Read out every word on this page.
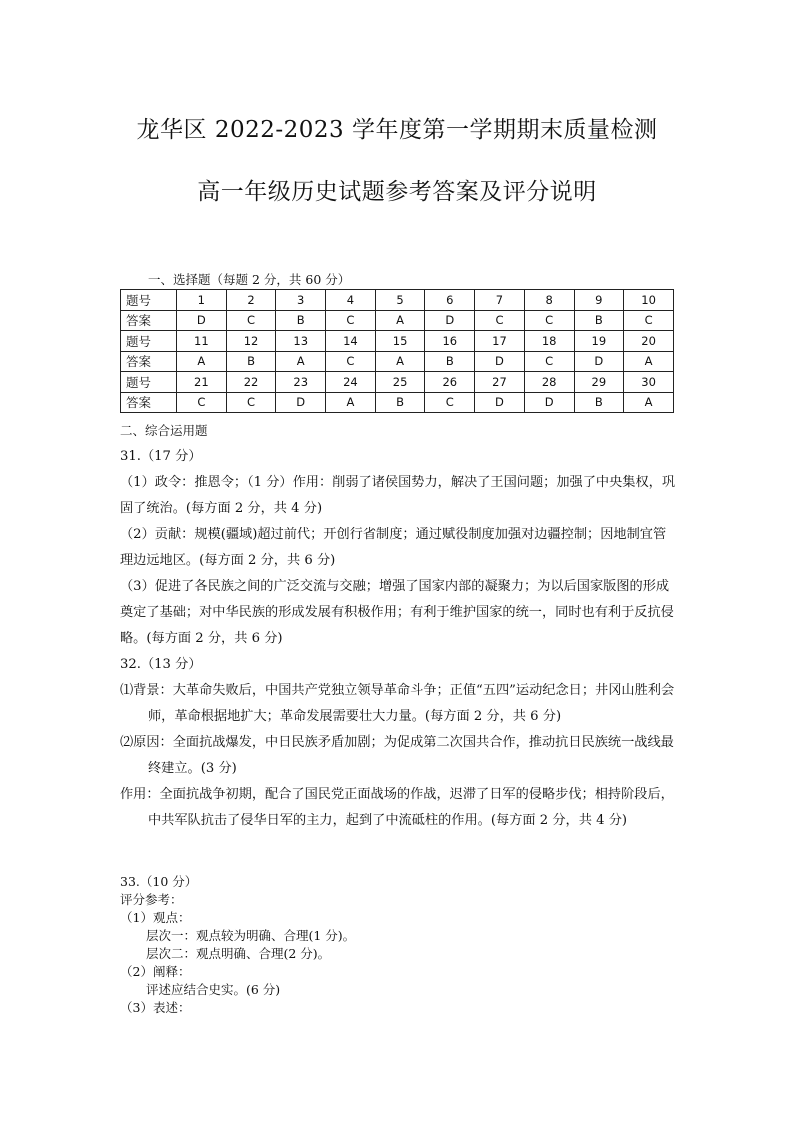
龙华区 2022-2023 学年度第一学期期末质量检测
高一年级历史试题参考答案及评分说明
一、选择题（每题 2 分，共 60 分）
题号	1	2	3	4	5	6	7	8	9	10
答案	D	C	B	C	A	D	C	C	B	C
题号	11	12	13	14	15	16	17	18	19	20
答案	A	B	A	C	A	B	D	C	D	A
题号	21	22	23	24	25	26	27	28	29	30
答案	C	C	D	A	B	C	D	D	B	A
二、综合运用题

31.（17 分）

（1）政令：推恩令；（1 分）作用：削弱了诸侯国势力，解决了王国问题；加强了中央集权，巩固了统治。(每方面 2 分，共 4 分)

（2）贡献：规模(疆域)超过前代；开创行省制度；通过赋役制度加强对边疆控制；因地制宜管理边远地区。(每方面 2 分，共 6 分)

（3）促进了各民族之间的广泛交流与交融；增强了国家内部的凝聚力；为以后国家版图的形成奠定了基础；对中华民族的形成发展有积极作用；有利于维护国家的统一，同时也有利于反抗侵略。(每方面 2 分，共 6 分)

32.（13 分）

⑴背景：大革命失败后，中国共产党独立领导革命斗争；正值“五四”运动纪念日；井冈山胜利会师，革命根据地扩大；革命发展需要壮大力量。(每方面 2 分，共 6 分)

⑵原因：全面抗战爆发，中日民族矛盾加剧；为促成第二次国共合作，推动抗日民族统一战线最终建立。(3 分)

作用：全面抗战争初期，配合了国民党正面战场的作战，迟滞了日军的侵略步伐；相持阶段后，中共军队抗击了侵华日军的主力，起到了中流砥柱的作用。(每方面 2 分，共 4 分)

33.（10 分）
评分参考：
（1）观点：
层次一：观点较为明确、合理(1 分)。
层次二：观点明确、合理(2 分)。
（2）阐释：
评述应结合史实。(6 分)
（3）表述：
